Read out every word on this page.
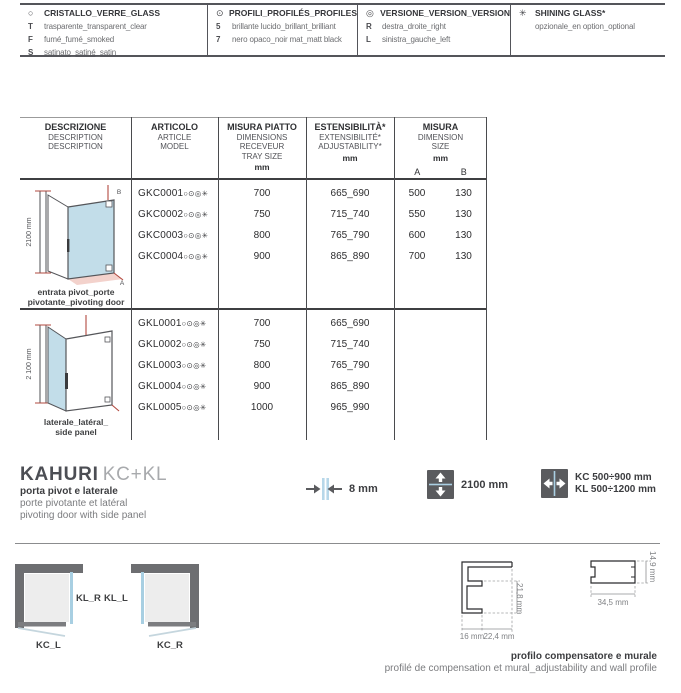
○	CRISTALLO_VERRE_GLASS
T	trasparente_transparent_clear
F	fumé_fumé_smoked
S	satinato_satiné_satin
⊙ PROFILI_PROFILÉS_PROFILES
5	brillante lucido_brillant_brilliant
7	nero opaco_noir mat_matt black
◎ VERSIONE_VERSION_VERSION
R	destra_droite_right
L	sinistra_gauche_left
✳ SHINING GLASS*
opzionale_en option_optional
DESCRIZIONE
DESCRIPTION
DESCRIPTION
ARTICOLO
ARTICLE
MODEL
MISURA PIATTO
DIMENSIONS RECEVEUR
TRAY SIZE
mm
ESTENSIBILITÀ*
EXTENSIBILITÉ*
ADJUSTABILITY*
mm
MISURA
DIMENSION
SIZE
mm
A	B
2100 mm
B
A
entrata pivot_porte
pivotante_pivoting door
GKC0001○⊙◎✳	700	665_690	500	130
GKC0002○⊙◎✳	750	715_740	550	130
GKC0003○⊙◎✳	800	765_790	600	130
GKC0004○⊙◎✳	900	865_890	700	130
2 100 mm
laterale_latéral_
side panel
GKL0001○⊙◎✳	700	665_690
GKL0002○⊙◎✳	750	715_740
GKL0003○⊙◎✳	800	765_790
GKL0004○⊙◎✳	900	865_890
GKL0005○⊙◎✳	1000	965_990
KAHURI KC+KL
porta pivot e laterale
porte pivotante et latéral
pivoting door with side panel
8 mm	2100 mm
KC 500÷900 mm
KL 500÷1200 mm
KL_R KL_L
KC_L	KC_R
16 mm 22,4 mm
21,8 mm	34,5 mm
14,9 mm
profilo compensatore e murale
profilé de compensation et mural_adjustability and wall profile
